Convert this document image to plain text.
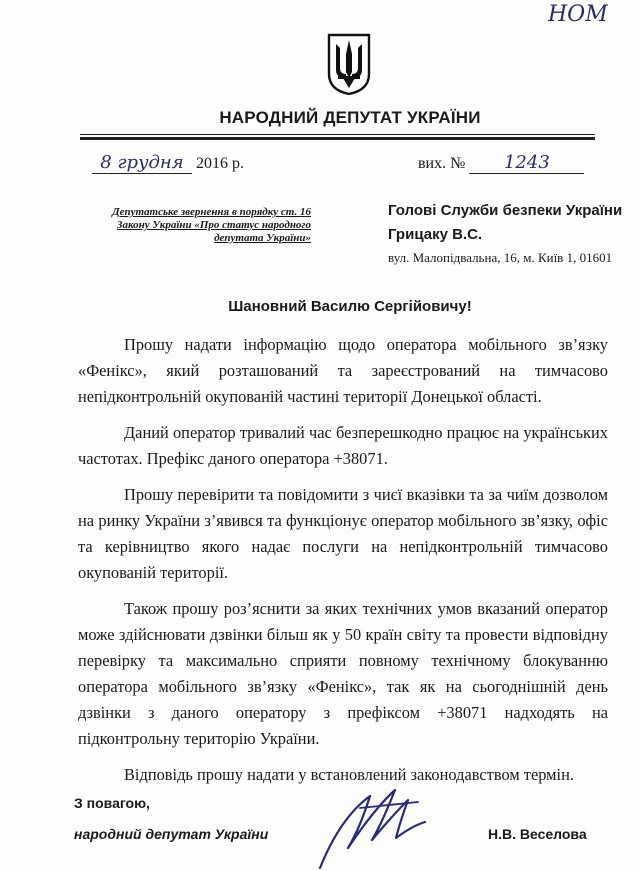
НОМ
НАРОДНИЙ ДЕПУТАТ УКРАЇНИ
8 грудня 2016 р.	вих. № 1243
Депутатське звернення в порядку ст. 16 Закону України «Про статус народного депутата України»
Голові Служби безпеки України
Грицаку В.С.
вул. Малопідвальна, 16, м. Київ 1, 01601
Шановний Василю Сергійовичу!

Прошу надати інформацію щодо оператора мобільного зв’язку «Фенікс», який розташований та зареєстрований на тимчасово непідконтрольній окупованій частині території Донецької області.

Даний оператор тривалий час безперешкодно працює на українських частотах. Префікс даного оператора +38071.

Прошу перевірити та повідомити з чиєї вказівки та за чиїм дозволом на ринку України з’явився та функціонує оператор мобільного зв’язку, офіс та керівництво якого надає послуги на непідконтрольній тимчасово окупованій території.

Також прошу роз’яснити за яких технічних умов вказаний оператор може здійснювати дзвінки більш як у 50 країн світу та провести відповідну перевірку та максимально сприяти повному технічному блокуванню оператора мобільного зв’язку «Фенікс», так як на сьогоднішній день дзвінки з даного оператору з префіксом +38071 надходять на підконтрольну територію України.

Відповідь прошу надати у встановлений законодавством термін.

З повагою,
народний депутат України	Н.В. Веселова
